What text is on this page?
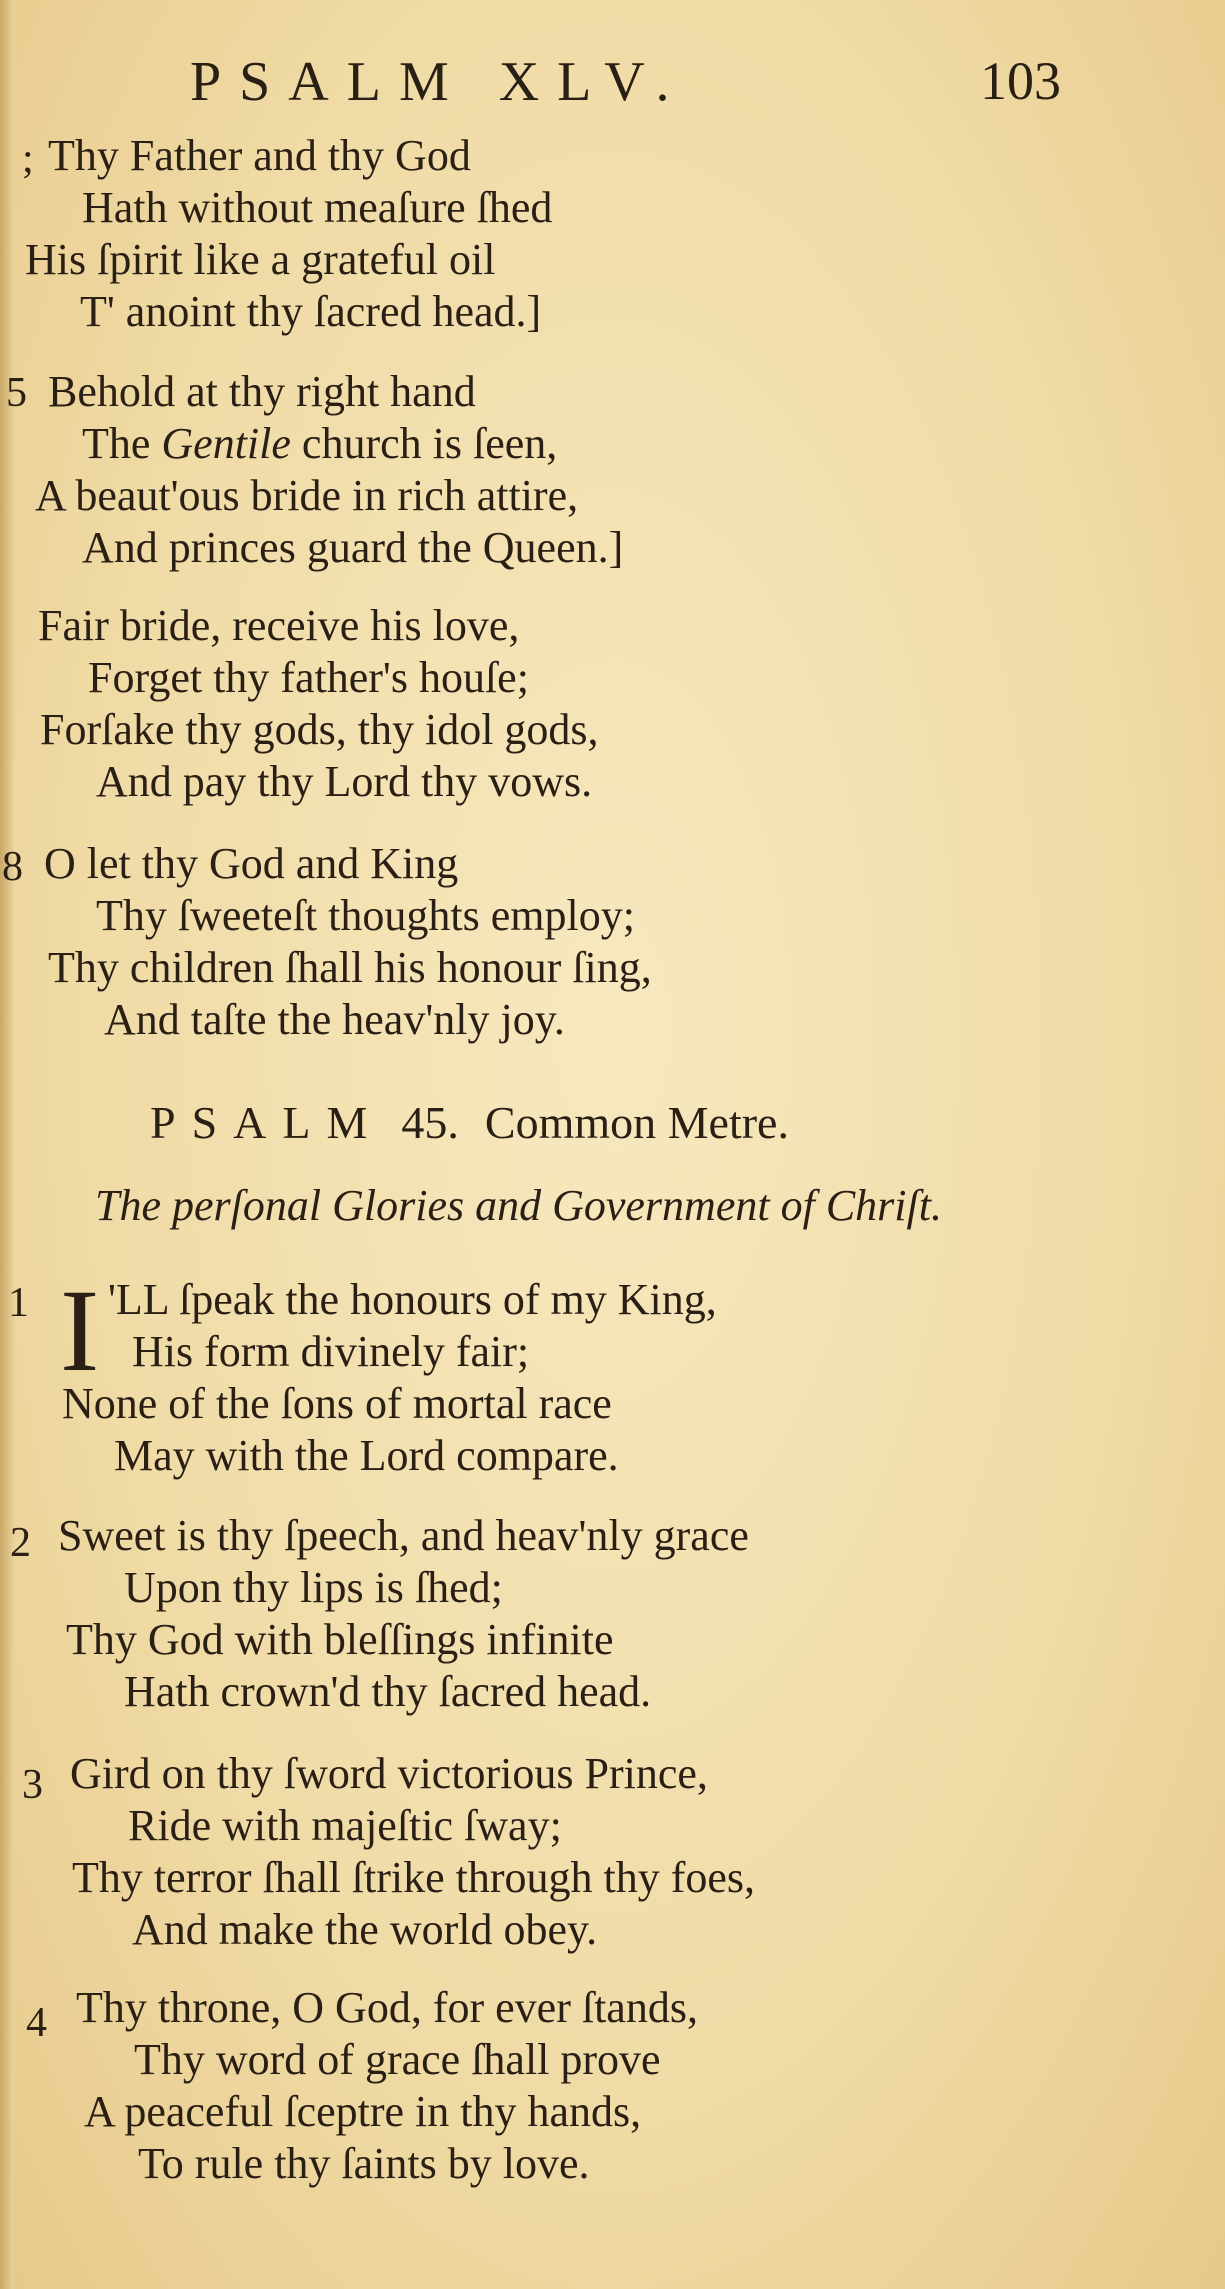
PSALM XLV.	103
; Thy Father and thy God
Hath without meaſure ſhed
His ſpirit like a grateful oil
T' anoint thy ſacred head.]
5 Behold at thy right hand
The Gentile church is ſeen,
A beaut'ous bride in rich attire,
And princes guard the Queen.]
Fair bride, receive his love,
Forget thy father's houſe;
Forſake thy gods, thy idol gods,
And pay thy Lord thy vows.
8 O let thy God and King
Thy ſweeteſt thoughts employ;
Thy children ſhall his honour ſing,
And taſte the heav'nly joy.
PSALM 45. Common Metre.
The perſonal Glories and Government of Chriſt.
1 I 'LL ſpeak the honours of my King,
His form divinely fair;
None of the ſons of mortal race
May with the Lord compare.
2 Sweet is thy ſpeech, and heav'nly grace
Upon thy lips is ſhed;
Thy God with bleſſings infinite
Hath crown'd thy ſacred head.
3 Gird on thy ſword victorious Prince,
Ride with majeſtic ſway;
Thy terror ſhall ſtrike through thy foes,
And make the world obey.
4 Thy throne, O God, for ever ſtands,
Thy word of grace ſhall prove
A peaceful ſceptre in thy hands,
To rule thy ſaints by love.
